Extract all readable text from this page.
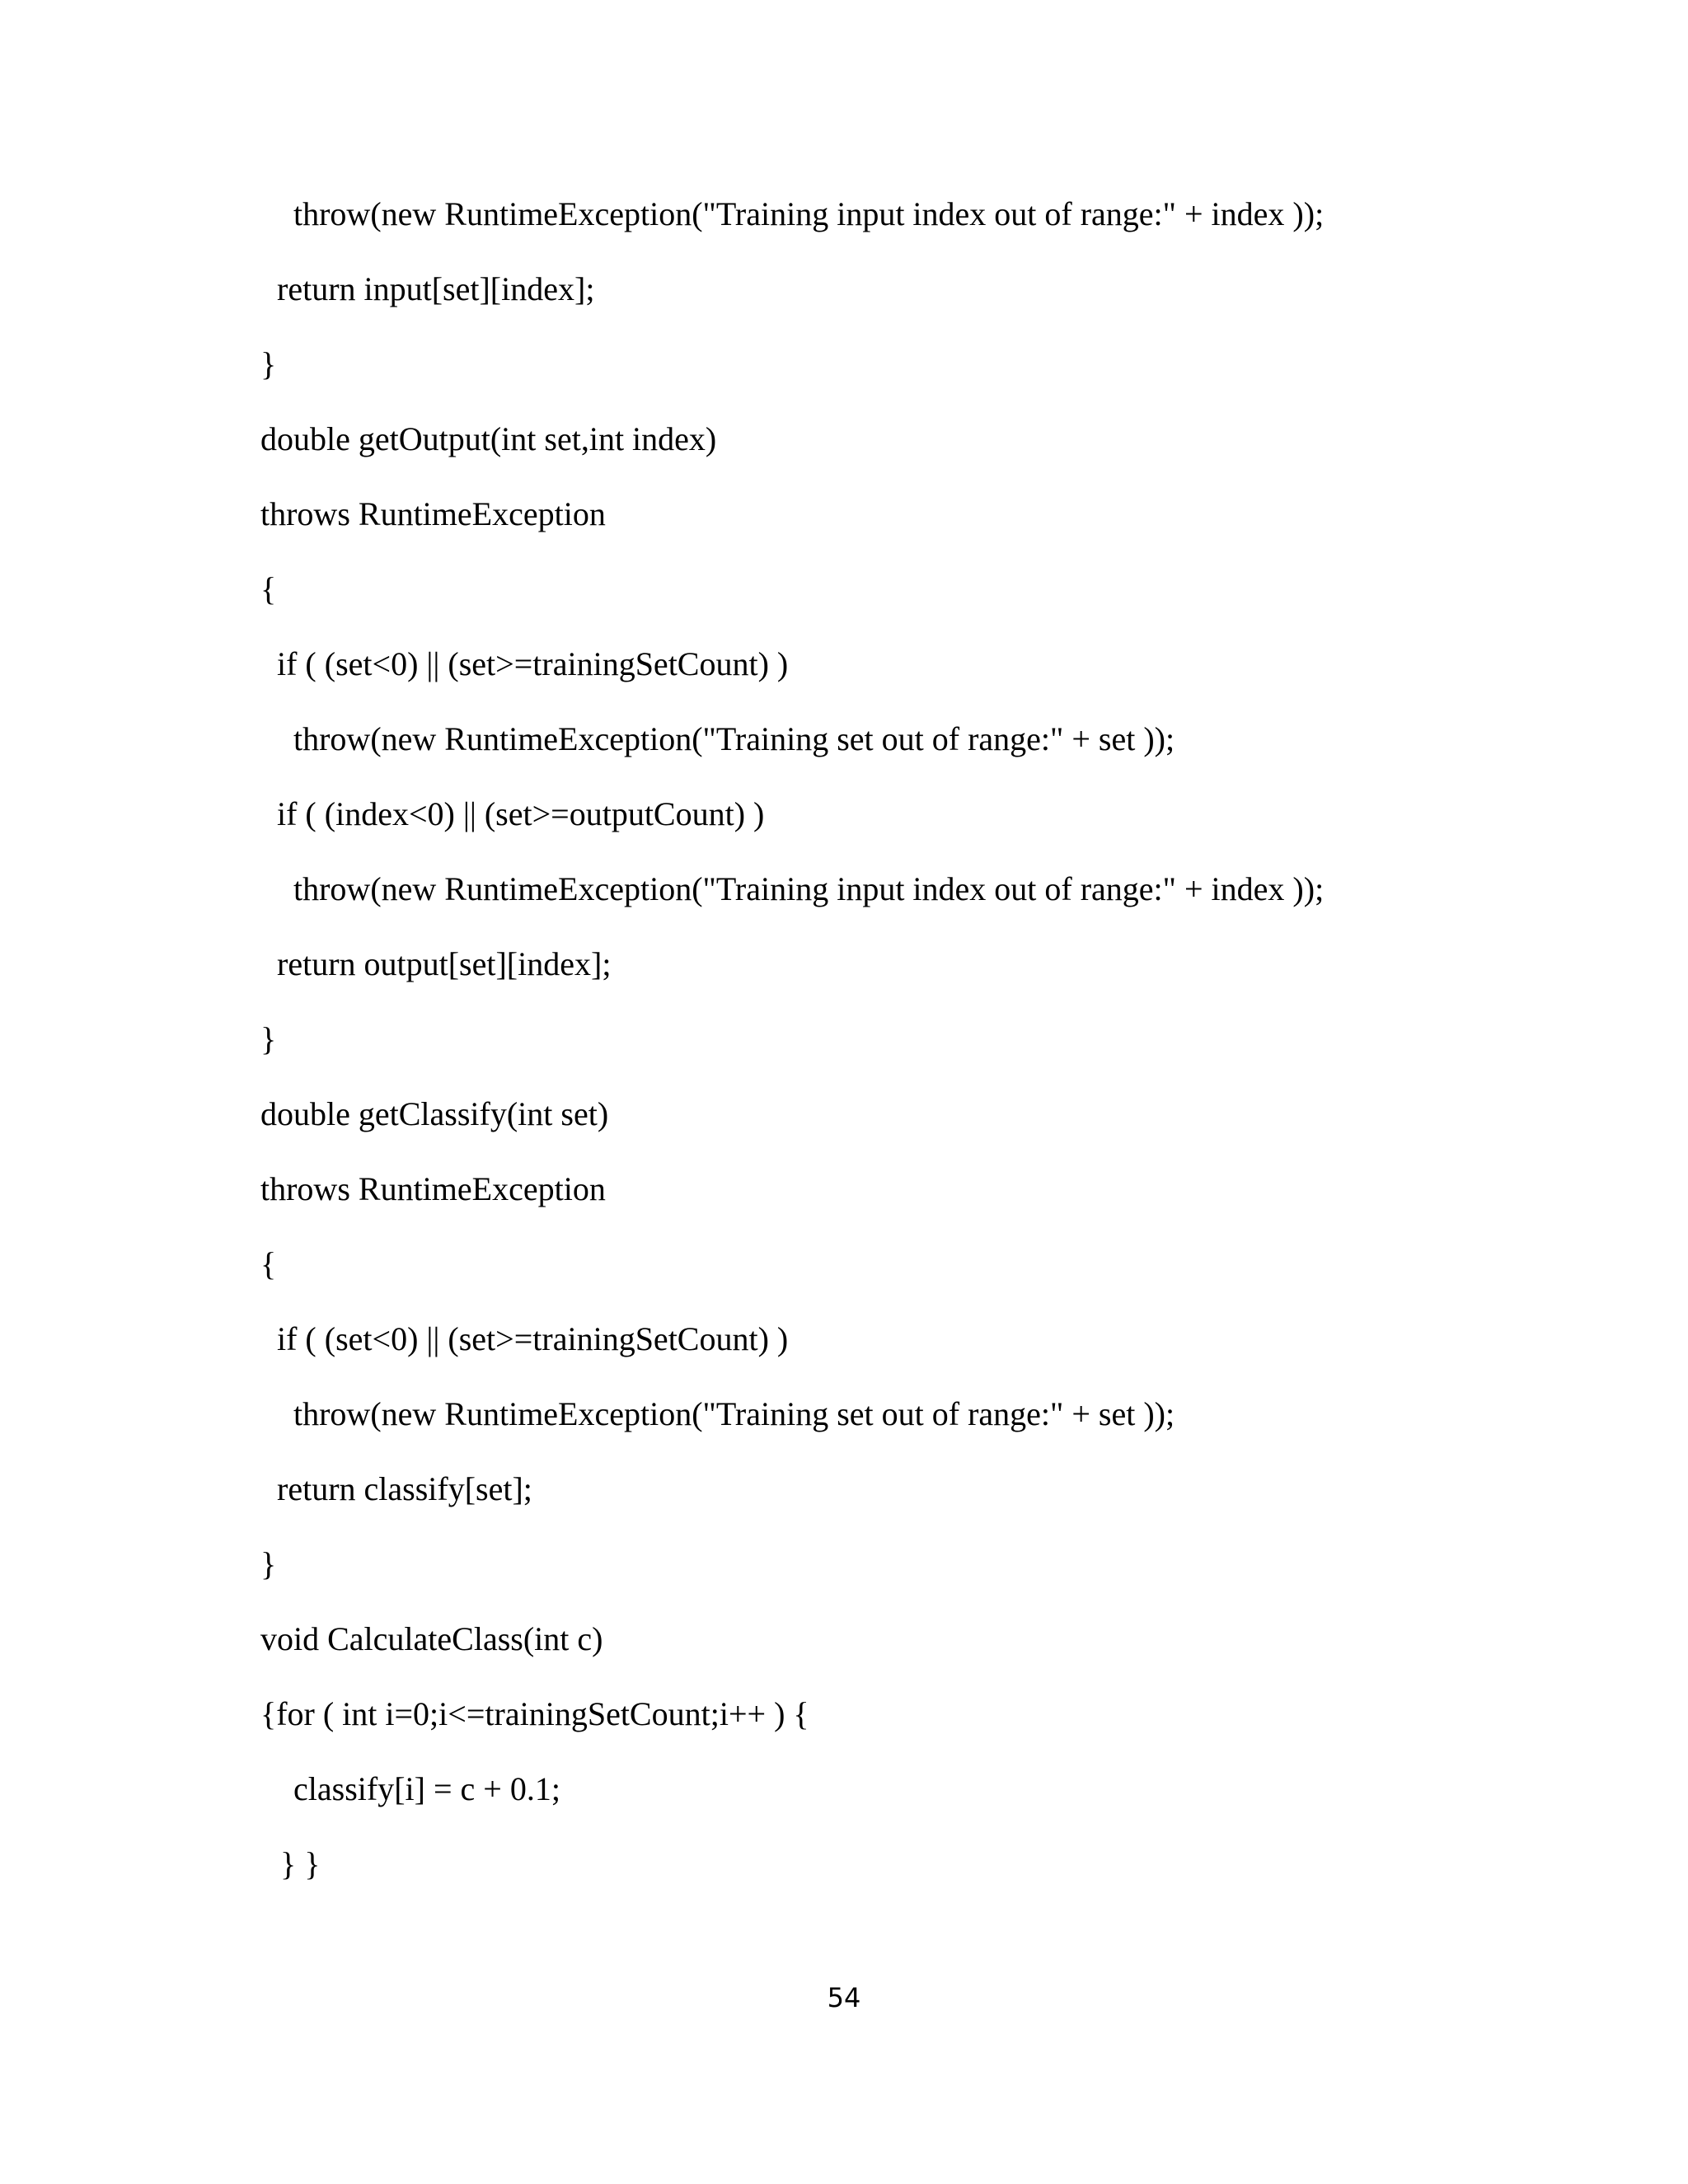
throw(new RuntimeException("Training input index out of range:" + index ));

return input[set][index];

}

double getOutput(int set,int index)

throws RuntimeException

{

if ( (set<0) || (set>=trainingSetCount) )

throw(new RuntimeException("Training set out of range:" + set ));

if ( (index<0) || (set>=outputCount) )

throw(new RuntimeException("Training input index out of range:" + index ));

return output[set][index];

}

double getClassify(int set)

throws RuntimeException

{

if ( (set<0) || (set>=trainingSetCount) )

throw(new RuntimeException("Training set out of range:" + set ));

return classify[set];

}

void CalculateClass(int c)

{for ( int i=0;i<=trainingSetCount;i++ ) {

classify[i] = c + 0.1;

} }

54
